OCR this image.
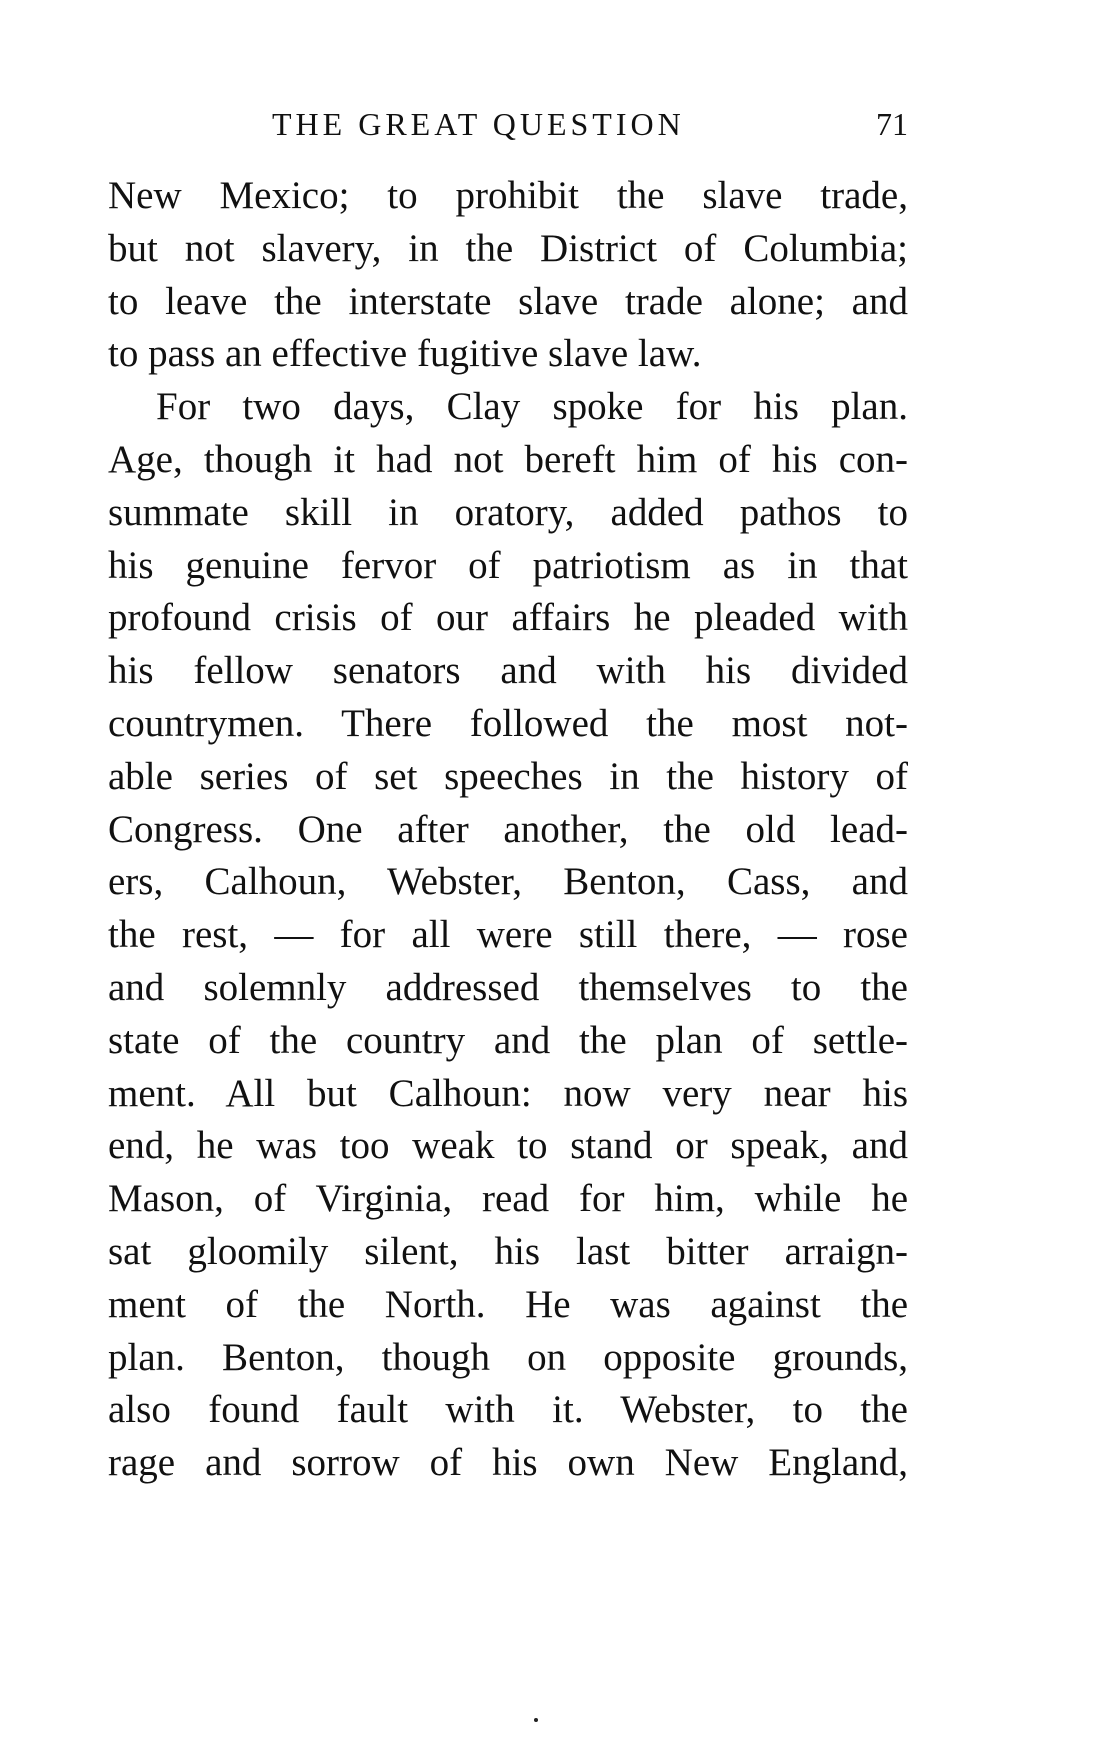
THE GREAT QUESTION	71
New Mexico; to prohibit the slave trade,
but not slavery, in the District of Columbia;
to leave the interstate slave trade alone; and
to pass an effective fugitive slave law.
For two days, Clay spoke for his plan.
Age, though it had not bereft him of his con-
summate skill in oratory, added pathos to
his genuine fervor of patriotism as in that
profound crisis of our affairs he pleaded with
his fellow senators and with his divided
countrymen. There followed the most not-
able series of set speeches in the history of
Congress. One after another, the old lead-
ers, Calhoun, Webster, Benton, Cass, and
the rest, — for all were still there, — rose
and solemnly addressed themselves to the
state of the country and the plan of settle-
ment. All but Calhoun: now very near his
end, he was too weak to stand or speak, and
Mason, of Virginia, read for him, while he
sat gloomily silent, his last bitter arraign-
ment of the North. He was against the
plan. Benton, though on opposite grounds,
also found fault with it. Webster, to the
rage and sorrow of his own New England,
